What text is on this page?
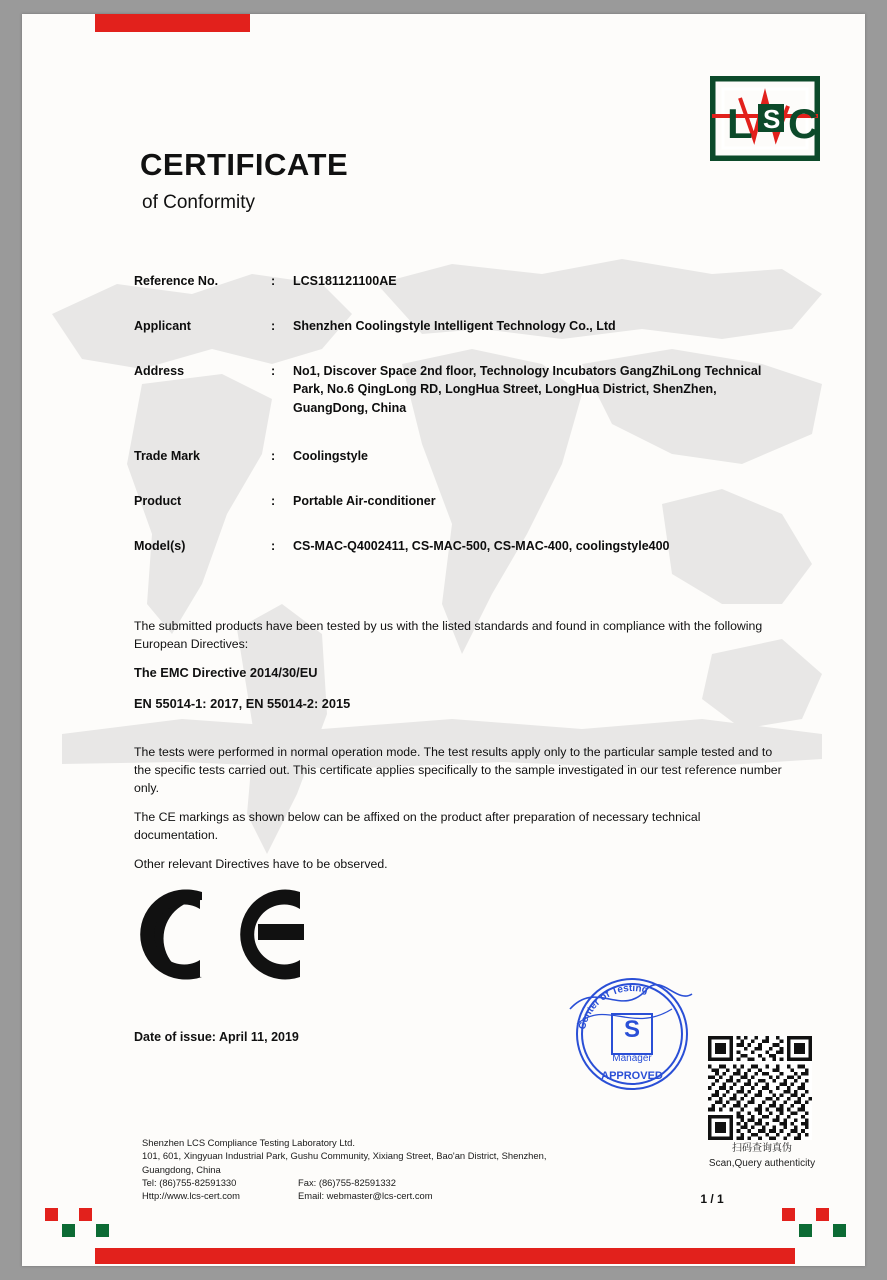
L C
S
CERTIFICATE
of Conformity
Reference No.	:	LCS181121100AE
Applicant	:	Shenzhen Coolingstyle Intelligent Technology Co., Ltd
Address	:	No1, Discover Space 2nd floor, Technology Incubators GangZhiLong Technical Park, No.6 QingLong RD, LongHua Street, LongHua District, ShenZhen, GuangDong, China
Trade Mark	:	Coolingstyle
Product	:	Portable Air-conditioner
Model(s)	:	CS-MAC-Q4002411, CS-MAC-500, CS-MAC-400, coolingstyle400
The submitted products have been tested by us with the listed standards and found in compliance with the following European Directives:
The EMC Directive 2014/30/EU
EN 55014-1: 2017, EN 55014-2: 2015
The tests were performed in normal operation mode. The test results apply only to the particular sample tested and to the specific tests carried out. This certificate applies specifically to the sample investigated in our test reference number only.
The CE markings as shown below can be affixed on the product after preparation of necessary technical documentation.
Other relevant Directives have to be observed.
Date of issue: April 11, 2019	S
Center of Testing
APPROVED
Manager
扫码查询真伪
Scan,Query authenticity
Shenzhen LCS Compliance Testing Laboratory Ltd.
101, 601, Xingyuan Industrial Park, Gushu Community, Xixiang Street, Bao'an District, Shenzhen,
Guangdong, China
Tel: (86)755-82591330	Fax: (86)755-82591332
Http://www.lcs-cert.com	Email: webmaster@lcs-cert.com	1 / 1
